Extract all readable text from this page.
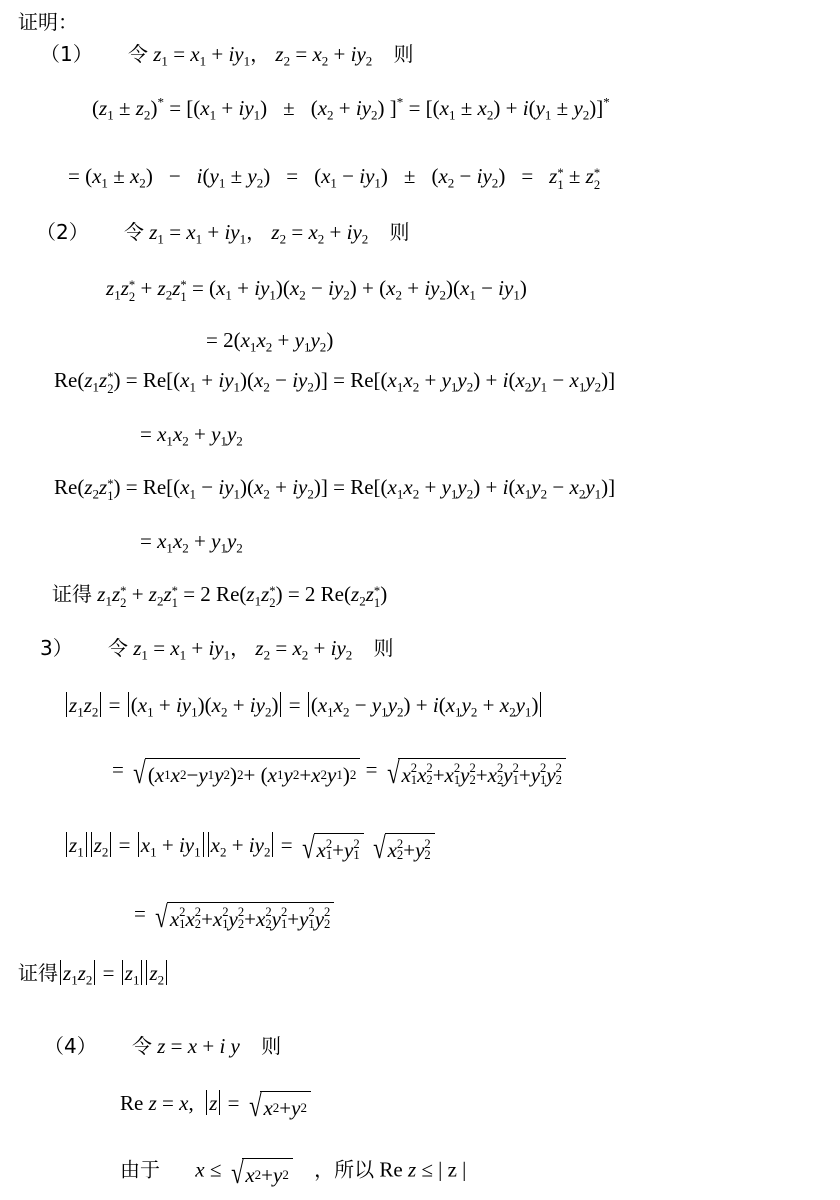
证明：
（1） 令 $z_1 = x_1 + iy_1$， $z_2 = x_2 + iy_2$ 则
$(z_1 \pm z_2)^* = [(x_1 + iy_1) \pm (x_2 + iy_2) ]^* = [(x_1 \pm x_2) + i(y_1 \pm y_2)]^*$
= $(x_1 \pm x_2) - i(y_1 \pm y_2) = (x_1 - iy_1) \pm (x_2 - iy_2) = z$ *
1 ± z *
2
（2） 令 $z_1 = x_1 + iy_1$， $z_2 = x_2 + iy_2$ 则
$z_1z$ *
$2 + z_2z$ *
$1 = (x_1 + iy_1)(x_2 - iy_2) + (x_2 + iy_2)(x_1 - iy_1)$
= $2(x_1x_2 + y_1y_2)$
$Re(z_1z$ *
2 ) = $Re[(x_1 + iy_1)(x_2 - iy_2)] = Re[(x_1x_2 + y_1y_2) + i(x_2y_1 - x_1y_2)]$
= $x_1x_2 + y_1y_2$
$Re(z_2z$ *
1 ) = $Re[(x_1 - iy_1)(x_2 + iy_2)] = Re[(x_1x_2 + y_1y_2) + i(x_1y_2 - x_2y_1)]$
= $x_1x_2 + y_1y_2$
证得 $z_1z$ *
$2 + z_2z$ *
1 = 2 $Re(z_1z$ *
2 ) = 2 $Re(z_2z$ *
1 )
3） 令 $z_1 = x_1 + iy_1$， $z_2 = x_2 + iy_2$ 则
$z_1z_2 = (x_1 + iy_1)(x_2 + iy_2) = (x_1x_2 - y_1y_2) + i(x_1y_2 + x_2y_1)$
= √ ( x 1 x 2 − y 1 y 2 ) 2 + ( x 1 y 2 + x 2 y 1 ) 2 = √ x 2
1 x 2
2 + x 2
1 y 2
2 + x 2
2 y 2
1 + y 2
1 y 2
2
$z_1$ $z_2 = x_1 + iy_1$ $x_2 + iy_2$ = √ x 2
1 + y 2
1
√ x 2
2 + y 2
2
= √ x 2
1 x 2
2 + x 2
1 y 2
2 + x 2
2 y 2
1 + y 2
1 y 2
2
证得 $z_1z_2 = z_1$ $z_2$
（4） 令 z = x + i y 则
Re z = x,  z = √ x 2 + y 2
由于 x ≤ √ x 2 + y 2 ，所以 Re z ≤ | z |
